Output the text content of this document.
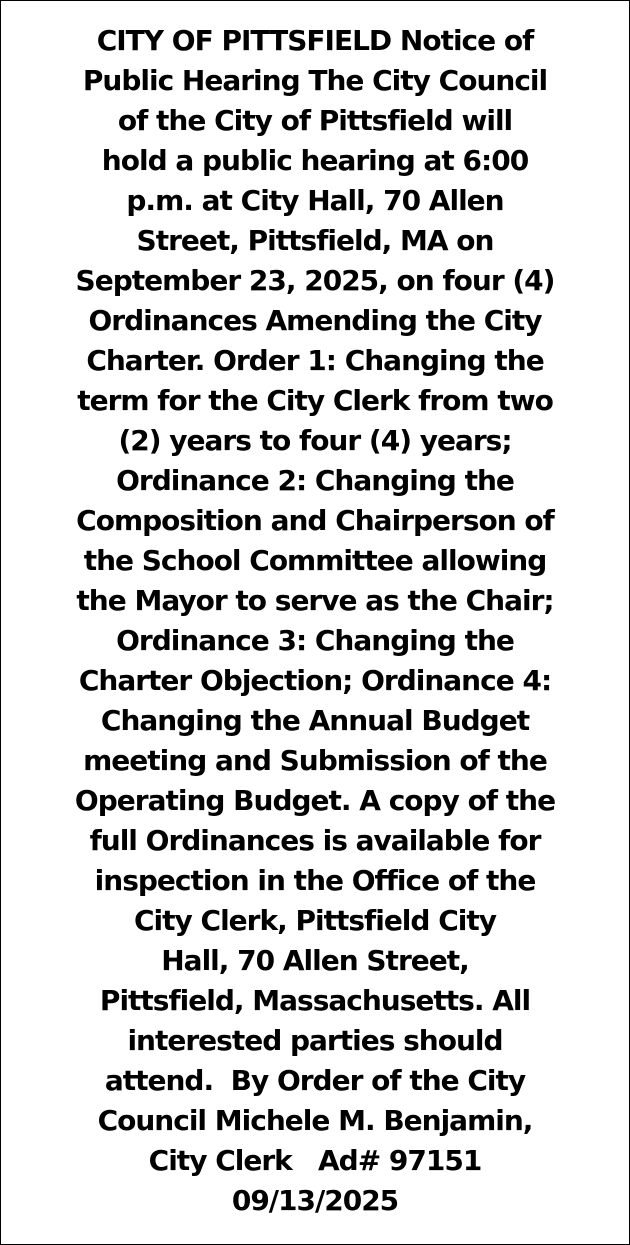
CITY OF PITTSFIELD Notice of
Public Hearing The City Council
of the City of Pittsfield will
hold a public hearing at 6:00
p.m. at City Hall, 70 Allen
Street, Pittsfield, MA on
September 23, 2025, on four (4)
Ordinances Amending the City
Charter. Order 1: Changing the
term for the City Clerk from two
(2) years to four (4) years;
Ordinance 2: Changing the
Composition and Chairperson of
the School Committee allowing
the Mayor to serve as the Chair;
Ordinance 3: Changing the
Charter Objection; Ordinance 4:
Changing the Annual Budget
meeting and Submission of the
Operating Budget. A copy of the
full Ordinances is available for
inspection in the Office of the
City Clerk, Pittsfield City
Hall, 70 Allen Street,
Pittsfield, Massachusetts. All
interested parties should
attend.  By Order of the City
Council Michele M. Benjamin,
City Clerk   Ad# 97151
09/13/2025
